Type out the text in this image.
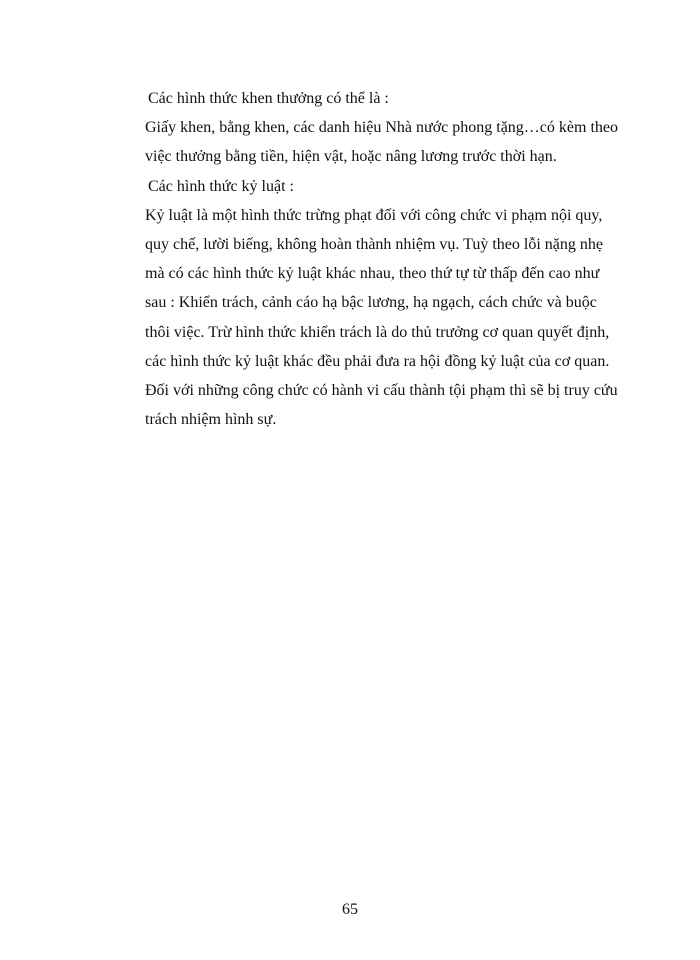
Các hình thức khen thưởng có thể là :

Giấy khen, bằng khen, các danh hiệu Nhà nước phong tặng…có kèm theo

việc thưởng bằng tiền, hiện vật, hoặc nâng lương trước thời hạn.

Các hình thức kỷ luật :

Kỷ luật là một hình thức trừng phạt đối với công chức vi phạm nội quy,

quy chế, lười biếng, không hoàn thành nhiệm vụ. Tuỳ theo lỗi nặng nhẹ

mà có các hình thức kỷ luật khác nhau, theo thứ tự từ thấp đến cao như

sau : Khiển trách, cảnh cáo hạ bậc lương, hạ ngạch, cách chức và buộc

thôi việc. Trừ hình thức khiển trách là do thủ trưởng cơ quan quyết định,

các hình thức kỷ luật khác đều phải đưa ra hội đồng kỷ luật của cơ quan.

Đối với những công chức có hành vi cấu thành tội phạm thì sẽ bị truy cứu

trách nhiệm hình sự.

65
